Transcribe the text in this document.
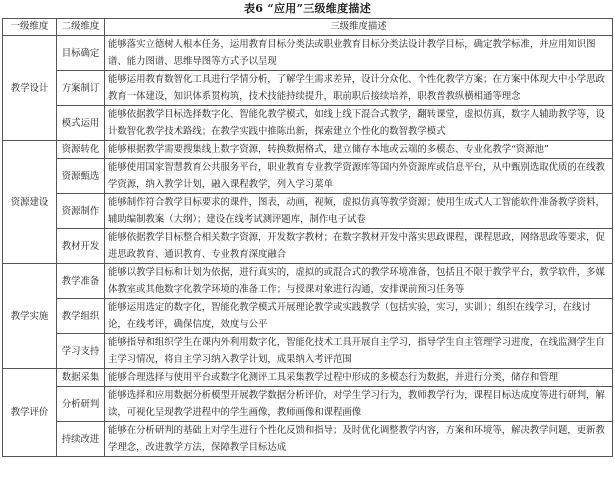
表6 “应用”三级维度描述
一级维度	二级维度	三级维度描述
教学设计	目标确定	能够落实立德树人根本任务，运用教育目标分类法或职业教育目标分类法设计教学目标，确定教学标准，并应用知识图谱、能力图谱、思维导图等方式予以呈现
	方案制订	能够运用教育数智化工具进行学情分析，了解学生需求差异，设计分众化、个性化教学方案；在方案中体现大中小学思政教育一体建设，知识体系贯构筑，技术技能持续提升，职前职后接续培养，职教普教纵横相通等理念
	模式运用	能够依据教学目标选择数字化、智能化教学模式，如线上线下混合式教学，翻转课堂，虚拟仿真，数字人辅助教学等，设计数智化教学技术路线；在教学实践中推陈出新，探索建立个性化的数智教学模式
资源建设	资源转化	能够根据教学需要搜集线上数字资源，转换数据格式，建立储存本地或云端的多模态、专业化教学“资源池”
	资源甄选	能够使用国家智慧教育公共服务平台，职业教育专业教学资源库等国内外资源库或信息平台，从中甄别选取优质的在线教学资源，纳入教学计划，融入课程教学，列入学习菜单
	资源制作	能够制作符合教学目标要求的课件，图表，动画，视频，虚拟仿真等教学资源；使用生成式人工智能软件准备教学资料，辅助编制教案（大纲）；建设在线考试测评题库，制作电子试卷
	教材开发	能够依据教学目标整合相关数字资源，开发数字教材；在数字教材开发中落实思政课程，课程思政，网络思政等要求，促进思政教育、通识教育、专业教育深度融合
教学实施	教学准备	能够以教学目标和计划为依据，进行真实的，虚拟的或混合式的教学环境准备，包括且不限于教学平台，教学软件，多媒体教室或其他数字化教学环境的准备工作；与授课对象进行沟通，安排课前预习任务等
	教学组织	能够运用选定的数字化，智能化教学模式开展理论教学或实践教学（包括实验，实习，实训）；组织在线学习，在线讨论，在线考评，确保信度，效度与公平
	学习支持	能够指导和组织学生在课内外利用数字化，智能化技术工具开展自主学习，指导学生自主管理学习进度，在线监测学生自主学习情况，将自主学习纳入教学计划，成果纳入考评范围
教学评价	数据采集	能够合理选择与使用平台或数字化测评工具采集教学过程中形成的多模态行为数据，并进行分类，储存和管理
	分析研判	能够选择和应用数据分析模型开展教学数据分析评价，对学生学习行为，教师教学行为，课程目标达成度等进行研判，解读，可视化呈现教学进程中的学生画像，教师画像和课程画像
	持续改进	能够在分析研判的基础上对学生进行个性化反馈和指导；及时优化调整教学内容，方案和环境等，解决教学问题，更新教学理念，改进教学方法，保障教学目标达成
